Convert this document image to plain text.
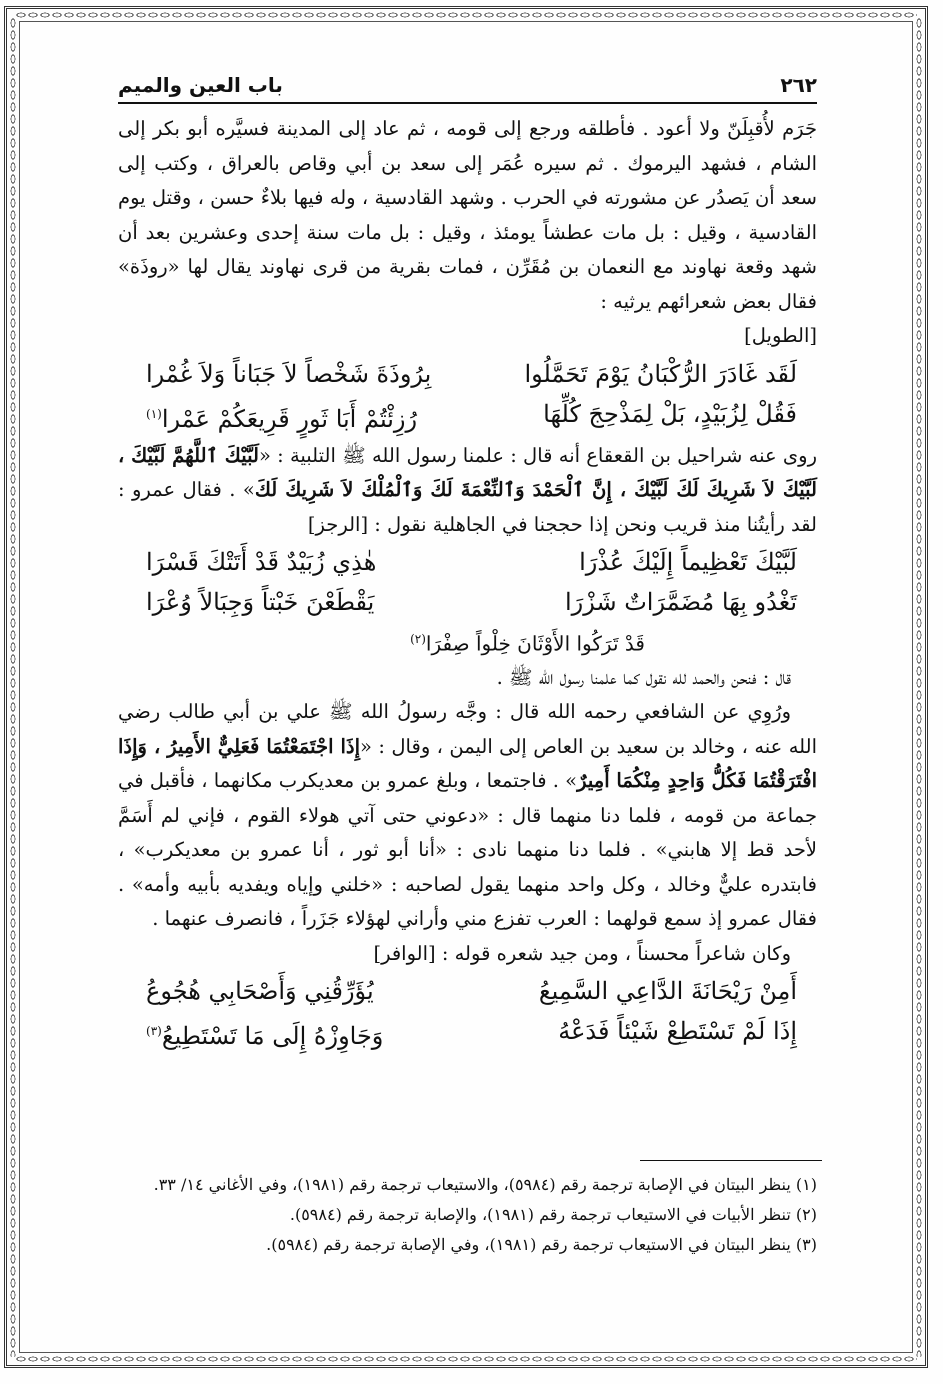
٢٦٢
باب العين والميم

جَرَم لأُقبِلَنّ ولا أعود . فأطلقه ورجع إلى قومه ، ثم عاد إلى المدينة فسيَّره أبو بكر إلى الشام ، فشهد اليرموك . ثم سيره عُمَر إلى سعد بن أبي وقاص بالعراق ، وكتب إلى سعد أن يَصدُر عن مشورته في الحرب . وشهد القادسية ، وله فيها بلاءٌ حسن ، وقتل يوم القادسية ، وقيل : بل مات عطشاً يومئذ ، وقيل : بل مات سنة إحدى وعشرين بعد أن شهد وقعة نهاوند مع النعمان بن مُقَرِّن ، فمات بقرية من قرى نهاوند يقال لها «روذَة» فقال بعض شعرائهم يرثيه :

[الطويل]
لَقَد غَادَرَ الرُّكْبَانُ يَوْمَ تَحَمَّلُوا
بِرُوذَةَ شَخْصاً لاَ جَبَاناً وَلاَ غُمْرا
فَقُلْ لِزُبَيْدٍ، بَلْ لِمَذْحِجَ كُلِّهَا
رُزِئْتُمْ أَبَا ثَورٍ قَرِيعَكُمْ عَمْرا$^{(١)}$

روى عنه شراحيل بن القعقاع أنه قال : علمنا رسول الله ﷺ التلبية : «لَبَّيْكَ ٱللَّهُمَّ لَبَّيْكَ ، لَبَّيْكَ لاَ شَرِيكَ لَكَ لَبَّيْكَ ، إِنَّ ٱلْحَمْدَ وَٱلنِّعْمَةَ لَكَ وَٱلْمُلْكَ لاَ شَرِيكَ لَكَ» . فقال عمرو : لقد رأيتُنا منذ قريب ونحن إذا حججنا في الجاهلية نقول : [الرجز]

لَبَّيْكَ تَعْظِيماً إِلَيْكَ عُذْرَا
هٰذِي زُبَيْدٌ قَدْ أَتَتْكَ قَسْرَا
تَغْدُو بِهَا مُضَمَّرَاتٌ شَزْرَا
يَقْطَعْنَ خَبْتاً وَجِبَالاً وُعْرَا
قَدْ تَرَكُوا الأَوْثَانَ خِلْواً صِفْرَا$^{(٢)}$

قال : فنحن والحمد لله نقول كما علمنا رسول الله ﷺ .

ورُوِي عن الشافعي رحمه الله قال : وجَّه رسولُ الله ﷺ علي بن أبي طالب رضي الله عنه ، وخالد بن سعيد بن العاص إلى اليمن ، وقال : «إِذَا اجْتَمَعْتُمَا فَعَلِيٌّ الأَمِيرُ ، وَإِذَا افْتَرَقْتُمَا فَكُلُّ وَاحِدٍ مِنْكُمَا أَمِيرٌ» . فاجتمعا ، وبلغ عمرو بن معديكرب مكانهما ، فأقبل في جماعة من قومه ، فلما دنا منهما قال : «دعوني حتى آتي هولاء القوم ، فإني لم أَسَمَّ لأحد قط إلا هابني» . فلما دنا منهما نادى : «أنا أبو ثور ، أنا عمرو بن معديكرب» ، فابتدره عليٌّ وخالد ، وكل واحد منهما يقول لصاحبه : «خلني وإياه ويفديه بأبيه وأمه» . فقال عمرو إذ سمع قولهما : العرب تفزع مني وأراني لهؤلاء جَزَراً ، فانصرف عنهما .

وكان شاعراً محسناً ، ومن جيد شعره قوله : [الوافر]

أَمِنْ رَيْحَانَةَ الدَّاعِي السَّمِيعُ
يُؤَرِّقُنِي وَأَصْحَابِي هُجُوعُ
إِذَا لَمْ تَسْتَطِعْ شَيْئاً فَدَعْهُ
وَجَاوِزْهُ إِلَى مَا تَسْتَطِيعُ$^{(٣)}$

(١) ينظر البيتان في الإصابة ترجمة رقم (٥٩٨٤)، والاستيعاب ترجمة رقم (١٩٨١)، وفي الأغاني ١٤/ ٣٣.

(٢) تنظر الأبيات في الاستيعاب ترجمة رقم (١٩٨١)، والإصابة ترجمة رقم (٥٩٨٤).

(٣) ينظر البيتان في الاستيعاب ترجمة رقم (١٩٨١)، وفي الإصابة ترجمة رقم (٥٩٨٤).
